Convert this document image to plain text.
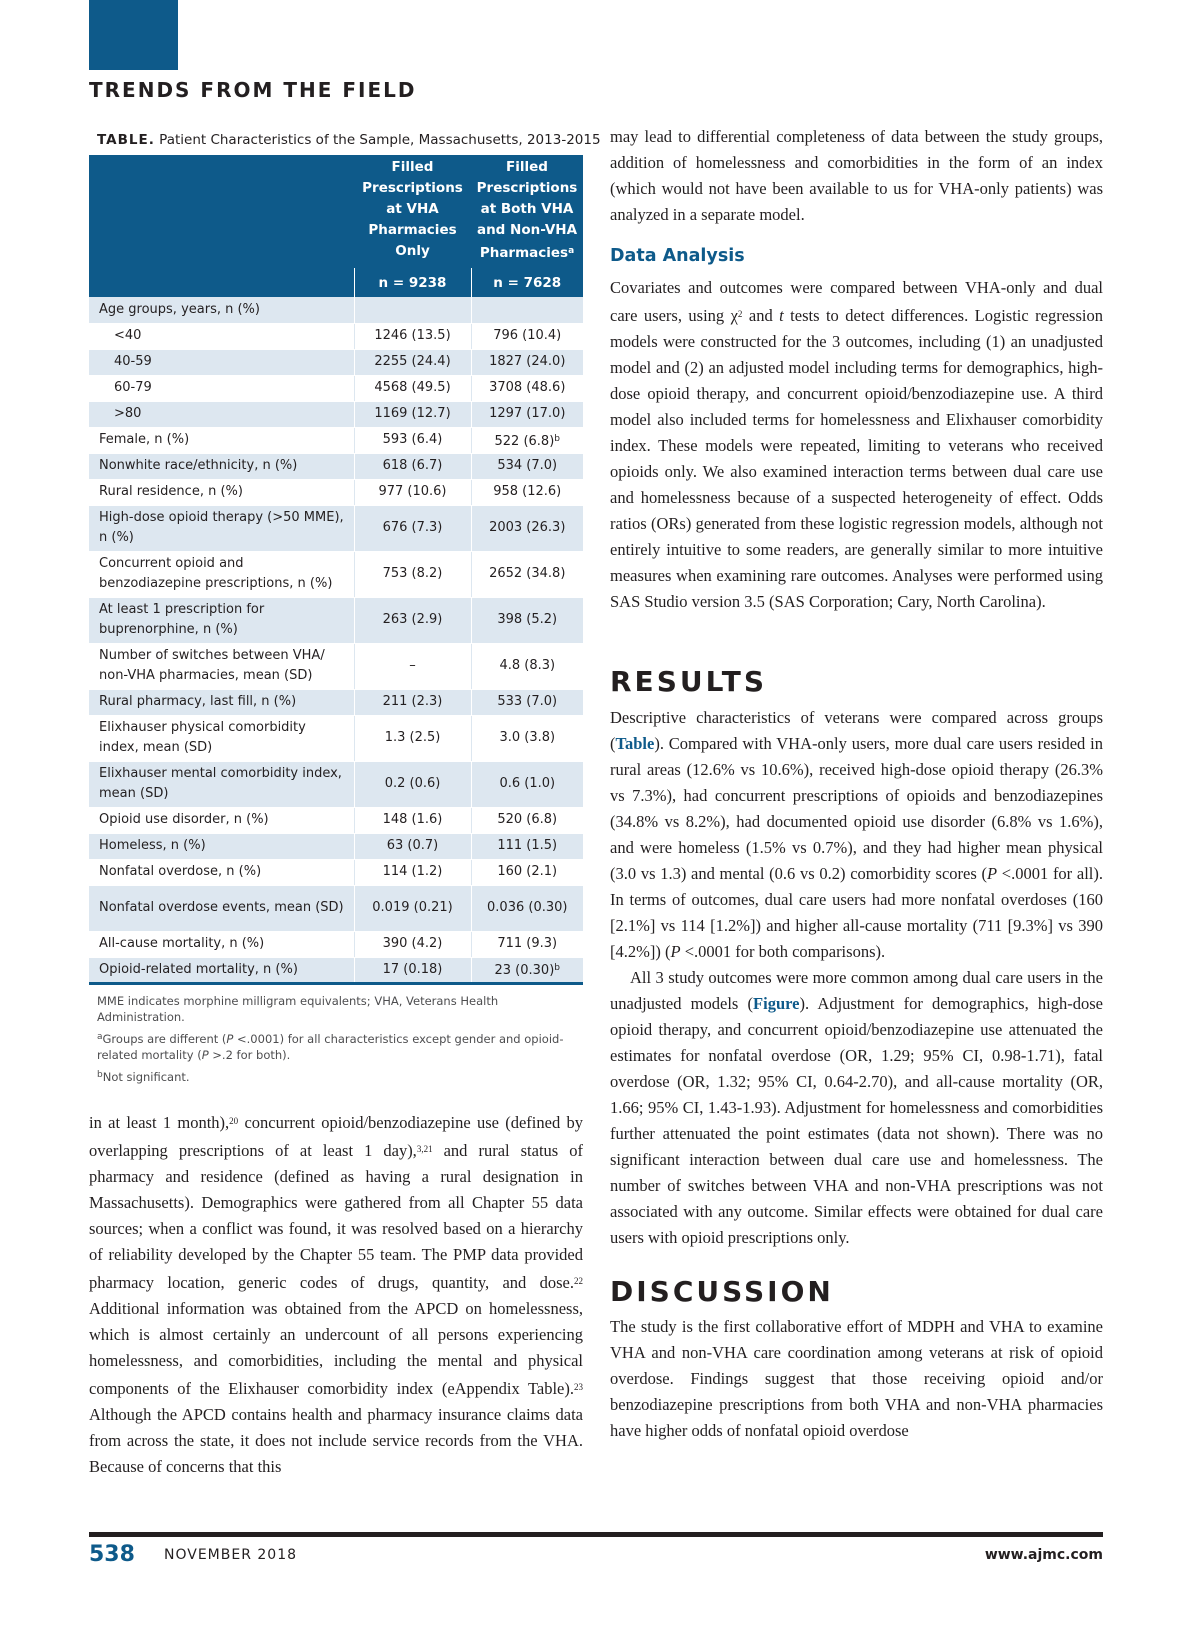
TRENDS FROM THE FIELD
TABLE. Patient Characteristics of the Sample, Massachusetts, 2013-2015
	Filled Prescriptions at VHA Pharmacies Only	Filled Prescriptions at Both VHA and Non-VHA Pharmacies$^a$
	n = 9238	n = 7628
Age groups, years, n (%)		
<40	1246 (13.5)	796 (10.4)
40-59	2255 (24.4)	1827 (24.0)
60-79	4568 (49.5)	3708 (48.6)
>80	1169 (12.7)	1297 (17.0)
Female, n (%)	593 (6.4)	522 $(6.8)^b$
Nonwhite race/ethnicity, n (%)	618 (6.7)	534 (7.0)
Rural residence, n (%)	977 (10.6)	958 (12.6)
High-dose opioid therapy (>50 MME), n (%)	676 (7.3)	2003 (26.3)
Concurrent opioid and benzodiazepine prescriptions, n (%)	753 (8.2)	2652 (34.8)
At least 1 prescription for buprenorphine, n (%)	263 (2.9)	398 (5.2)
Number of switches between VHA/ non-VHA pharmacies, mean (SD)	–	4.8 (8.3)
Rural pharmacy, last fill, n (%)	211 (2.3)	533 (7.0)
Elixhauser physical comorbidity index, mean (SD)	1.3 (2.5)	3.0 (3.8)
Elixhauser mental comorbidity index, mean (SD)	0.2 (0.6)	0.6 (1.0)
Opioid use disorder, n (%)	148 (1.6)	520 (6.8)
Homeless, n (%)	63 (0.7)	111 (1.5)
Nonfatal overdose, n (%)	114 (1.2)	160 (2.1)
Nonfatal overdose events, mean (SD)	0.019 (0.21)	0.036 (0.30)
All-cause mortality, n (%)	390 (4.2)	711 (9.3)
Opioid-related mortality, n (%)	17 (0.18)	23 $(0.30)^b$

MME indicates morphine milligram equivalents; VHA, Veterans Health Administration.

$^a$Groups are different (P <.0001) for all characteristics except gender and opioid-related mortality (P >.2 for both).

$^b$Not significant.

in at least 1 month),$^{20}$ concurrent opioid/benzodiazepine use (defined by overlapping prescriptions of at least 1 day),$^{3,21}$ and rural status of pharmacy and residence (defined as having a rural designation in Massachusetts). Demographics were gathered from all Chapter 55 data sources; when a conflict was found, it was resolved based on a hierarchy of reliability developed by the Chapter 55 team. The PMP data provided pharmacy location, generic codes of drugs, quantity, and dose.$^{22}$ Additional information was obtained from the APCD on homelessness, which is almost certainly an undercount of all persons experiencing homelessness, and comorbidities, including the mental and physical components of the Elixhauser comorbidity index (eAppendix Table).$^{23}$ Although the APCD contains health and pharmacy insurance claims data from across the state, it does not include service records from the VHA. Because of concerns that this
may lead to differential completeness of data between the study groups, addition of homelessness and comorbidities in the form of an index (which would not have been available to us for VHA-only patients) was analyzed in a separate model.
Data Analysis
Covariates and outcomes were compared between VHA-only and dual care users, using $\chi^2$ and t tests to detect differences. Logistic regression models were constructed for the 3 outcomes, including (1) an unadjusted model and (2) an adjusted model including terms for demographics, high-dose opioid therapy, and concurrent opioid/benzodiazepine use. A third model also included terms for homelessness and Elixhauser comorbidity index. These models were repeated, limiting to veterans who received opioids only. We also examined interaction terms between dual care use and homelessness because of a suspected heterogeneity of effect. Odds ratios (ORs) generated from these logistic regression models, although not entirely intuitive to some readers, are generally similar to more intuitive measures when examining rare outcomes. Analyses were performed using SAS Studio version 3.5 (SAS Corporation; Cary, North Carolina).
RESULTS

Descriptive characteristics of veterans were compared across groups (Table). Compared with VHA-only users, more dual care users resided in rural areas (12.6% vs 10.6%), received high-dose opioid therapy (26.3% vs 7.3%), had concurrent prescriptions of opioids and benzodiazepines (34.8% vs 8.2%), had documented opioid use disorder (6.8% vs 1.6%), and were homeless (1.5% vs 0.7%), and they had higher mean physical (3.0 vs 1.3) and mental (0.6 vs 0.2) comorbidity scores (P <.0001 for all). In terms of outcomes, dual care users had more nonfatal overdoses (160 [2.1%] vs 114 [1.2%]) and higher all-cause mortality (711 [9.3%] vs 390 [4.2%]) (P <.0001 for both comparisons).

All 3 study outcomes were more common among dual care users in the unadjusted models (Figure). Adjustment for demographics, high-dose opioid therapy, and concurrent opioid/benzodiazepine use attenuated the estimates for nonfatal overdose (OR, 1.29; 95% CI, 0.98-1.71), fatal overdose (OR, 1.32; 95% CI, 0.64-2.70), and all-cause mortality (OR, 1.66; 95% CI, 1.43-1.93). Adjustment for homelessness and comorbidities further attenuated the point estimates (data not shown). There was no significant interaction between dual care use and homelessness. The number of switches between VHA and non-VHA prescriptions was not associated with any outcome. Similar effects were obtained for dual care users with opioid prescriptions only.

DISCUSSION
The study is the first collaborative effort of MDPH and VHA to examine VHA and non-VHA care coordination among veterans at risk of opioid overdose. Findings suggest that those receiving opioid and/or benzodiazepine prescriptions from both VHA and non-VHA pharmacies have higher odds of nonfatal opioid overdose
538 NOVEMBER 2018	www.ajmc.com
